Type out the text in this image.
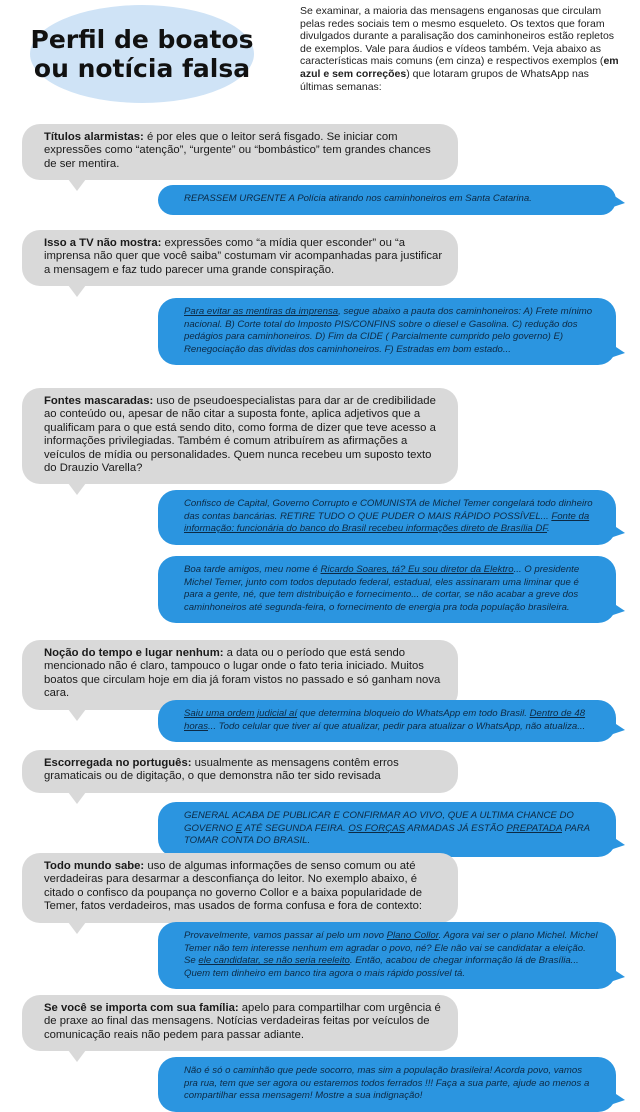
Perfil de boatos
ou notícia falsa
Se examinar, a maioria das mensagens enganosas que circulam pelas redes sociais tem o mesmo esqueleto. Os textos que foram divulgados durante a paralisação dos caminhoneiros estão repletos de exemplos. Vale para áudios e vídeos também. Veja abaixo as características mais comuns (em cinza) e respectivos exemplos (em azul e sem correções) que lotaram grupos de WhatsApp nas últimas semanas:
Títulos alarmistas: é por eles que o leitor será fisgado. Se iniciar com expressões como “atenção”, “urgente” ou “bombástico” tem grandes chances de ser mentira.
REPASSEM URGENTE A Polícia atirando nos caminhoneiros em Santa Catarina.
Isso a TV não mostra: expressões como “a mídia quer esconder” ou “a imprensa não quer que você saiba” costumam vir acompanhadas para justificar a mensagem e faz tudo parecer uma grande conspiração.
Para evitar as mentiras da imprensa, segue abaixo a pauta dos caminhoneiros: A) Frete mínimo nacional. B) Corte total do Imposto PIS/CONFINS sobre o diesel e Gasolina. C) redução dos pedágios para caminhoneiros. D) Fim da CIDE ( Parcialmente cumprido pelo governo) E) Renegociação das dividas dos caminhoneiros. F) Estradas em bom estado...
Fontes mascaradas: uso de pseudoespecialistas para dar ar de credibilidade ao conteúdo ou, apesar de não citar a suposta fonte, aplica adjetivos que a qualificam para o que está sendo dito, como forma de dizer que teve acesso a informações privilegiadas. Também é comum atribuírem as afirmações a veículos de mídia ou personalidades. Quem nunca recebeu um suposto texto do Drauzio Varella?
Confisco de Capital, Governo Corrupto e COMUNISTA de Michel Temer congelará todo dinheiro das contas bancárias. RETIRE TUDO O QUE PUDER O MAIS RÁPIDO POSSÍVEL... Fonte da informação: funcionária do banco do Brasil recebeu informações direto de Brasília DF.
Boa tarde amigos, meu nome é Ricardo Soares, tá? Eu sou diretor da Elektro... O presidente Michel Temer, junto com todos deputado federal, estadual, eles assinaram uma liminar que é para a gente, né, que tem distribuição e fornecimento... de cortar, se não acabar a greve dos caminhoneiros até segunda-feira, o fornecimento de energia pra toda população brasileira.
Noção do tempo e lugar nenhum: a data ou o período que está sendo mencionado não é claro, tampouco o lugar onde o fato teria iniciado. Muitos boatos que circulam hoje em dia já foram vistos no passado e só ganham nova cara.
Saiu uma ordem judicial aí que determina bloqueio do WhatsApp em todo Brasil. Dentro de 48 horas... Todo celular que tiver aí que atualizar, pedir para atualizar o WhatsApp, não atualiza...
Escorregada no português: usualmente as mensagens contêm erros gramaticais ou de digitação, o que demonstra não ter sido revisada
GENERAL ACABA DE PUBLICAR E CONFIRMAR AO VIVO, QUE A ULTIMA CHANCE DO GOVERNO E ATÉ SEGUNDA FEIRA. OS FORÇAS ARMADAS JÁ ESTÃO PREPATADA PARA TOMAR CONTA DO BRASIL.
Todo mundo sabe: uso de algumas informações de senso comum ou até verdadeiras para desarmar a desconfiança do leitor. No exemplo abaixo, é citado o confisco da poupança no governo Collor e a baixa popularidade de Temer, fatos verdadeiros, mas usados de forma confusa e fora de contexto:
Provavelmente, vamos passar aí pelo um novo Plano Collor. Agora vai ser o plano Michel. Michel Temer não tem interesse nenhum em agradar o povo, né? Ele não vai se candidatar a eleição. Se ele candidatar, se não seria reeleito. Então, acabou de chegar informação lá de Brasília... Quem tem dinheiro em banco tira agora o mais rápido possível tá.
Se você se importa com sua família: apelo para compartilhar com urgência é de praxe ao final das mensagens. Notícias verdadeiras feitas por veículos de comunicação reais não pedem para passar adiante.
Não é só o caminhão que pede socorro, mas sim a população brasileira! Acorda povo, vamos pra rua, tem que ser agora ou estaremos todos ferrados !!! Faça a sua parte, ajude ao menos a compartilhar essa mensagem! Mostre a sua indignação!
